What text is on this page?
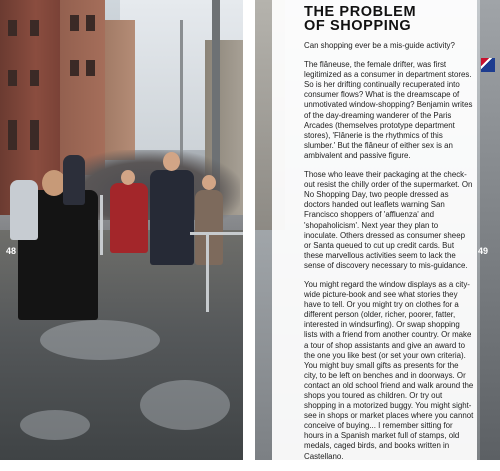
48	49
THE PROBLEM
OF SHOPPING

Can shopping ever be a mis-guide activity?

The flâneuse, the female drifter, was first legitimized as a consumer in department stores. So is her drifting continually recuperated into consumer flows? What is the dreamscape of unmotivated window-shopping? Benjamin writes of the day-dreaming wanderer of the Paris Arcades (themselves prototype department stores), 'Flânerie is the rhythmics of this slumber.' But the flâneur of either sex is an ambivalent and passive figure.

Those who leave their packaging at the check-out resist the chilly order of the supermarket. On No Shopping Day, two people dressed as doctors handed out leaflets warning San Francisco shoppers of 'affluenza' and 'shopaholicism'. Next year they plan to inoculate. Others dressed as consumer sheep or Santa queued to cut up credit cards. But these marvellous activities seem to lack the sense of discovery necessary to mis-guidance.

You might regard the window displays as a city-wide picture-book and see what stories they have to tell. Or you might try on clothes for a different person (older, richer, poorer, fatter, interested in windsurfing). Or swap shopping lists with a friend from another country. Or make a tour of shop assistants and give an award to the one you like best (or set your own criteria). You might buy small gifts as presents for the city, to be left on benches and in doorways. Or contact an old school friend and walk around the shops you toured as children. Or try out shopping in a motorized buggy. You might sight-see in shops or market places where you cannot conceive of buying... I remember sitting for hours in a Spanish market full of stamps, old medals, caged birds, and books written in Castellano.
